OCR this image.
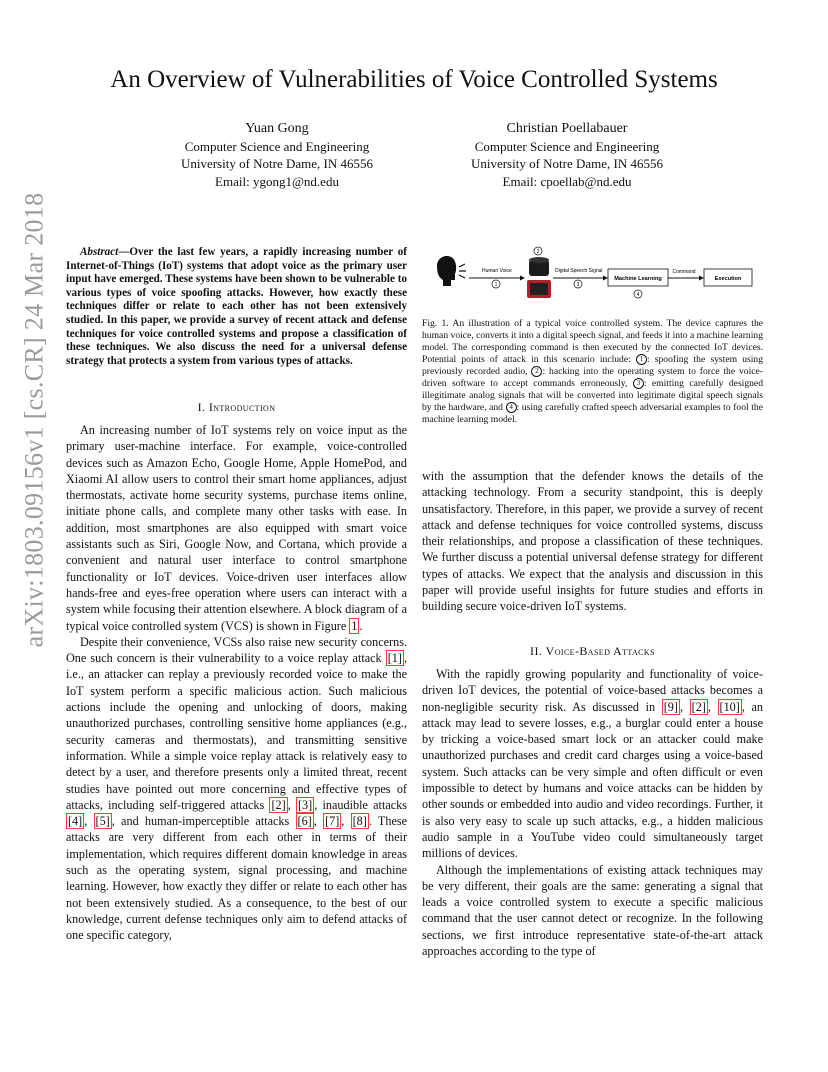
arXiv:1803.09156v1 [cs.CR] 24 Mar 2018
An Overview of Vulnerabilities of Voice Controlled Systems
Yuan Gong
Computer Science and Engineering
University of Notre Dame, IN 46556
Email: ygong1@nd.edu
Christian Poellabauer
Computer Science and Engineering
University of Notre Dame, IN 46556
Email: cpoellab@nd.edu

Abstract—Over the last few years, a rapidly increasing number of Internet-of-Things (IoT) systems that adopt voice as the primary user input have emerged. These systems have been shown to be vulnerable to various types of voice spoofing attacks. However, how exactly these techniques differ or relate to each other has not been extensively studied. In this paper, we provide a survey of recent attack and defense techniques for voice controlled systems and propose a classification of these techniques. We also discuss the need for a universal defense strategy that protects a system from various types of attacks.

I. Introduction

An increasing number of IoT systems rely on voice input as the primary user-machine interface. For example, voice-controlled devices such as Amazon Echo, Google Home, Apple HomePod, and Xiaomi AI allow users to control their smart home appliances, adjust thermostats, activate home security systems, purchase items online, initiate phone calls, and complete many other tasks with ease. In addition, most smartphones are also equipped with smart voice assistants such as Siri, Google Now, and Cortana, which provide a convenient and natural user interface to control smartphone functionality or IoT devices. Voice-driven user interfaces allow hands-free and eyes-free operation where users can interact with a system while focusing their attention elsewhere. A block diagram of a typical voice controlled system (VCS) is shown in Figure 1 .

Despite their convenience, VCSs also raise new security concerns. One such concern is their vulnerability to a voice replay attack [1] , i.e., an attacker can replay a previously recorded voice to make the IoT system perform a specific malicious action. Such malicious actions include the opening and unlocking of doors, making unauthorized purchases, controlling sensitive home appliances (e.g., security cameras and thermostats), and transmitting sensitive information. While a simple voice replay attack is relatively easy to detect by a user, and therefore presents only a limited threat, recent studies have pointed out more concerning and effective types of attacks, including self-triggered attacks [2] , [3] , inaudible attacks [4] , [5] , and human-imperceptible attacks [6] , [7] , [8] . These attacks are very different from each other in terms of their implementation, which requires different domain knowledge in areas such as the operating system, signal processing, and machine learning. However, how exactly they differ or relate to each other has not been extensively studied. As a consequence, to the best of our knowledge, current defense techniques only aim to defend attacks of one specific category,

Human Voice
1
2
Digital Speech Signal
3
Machine Learning
4
Command
Execution

Fig. 1. An illustration of a typical voice controlled system. The device captures the human voice, converts it into a digital speech signal, and feeds it into a machine learning model. The corresponding command is then executed by the connected IoT devices. Potential points of attack in this scenario include: 1 : spoofing the system using previously recorded audio, 2 : hacking into the operating system to force the voice-driven software to accept commands erroneously, 3 : emitting carefully designed illegitimate analog signals that will be converted into legitimate digital speech signals by the hardware, and 4 : using carefully crafted speech adversarial examples to fool the machine learning model.

with the assumption that the defender knows the details of the attacking technology. From a security standpoint, this is deeply unsatisfactory. Therefore, in this paper, we provide a survey of recent attack and defense techniques for voice controlled systems, discuss their relationships, and propose a classification of these techniques. We further discuss a potential universal defense strategy for different types of attacks. We expect that the analysis and discussion in this paper will provide useful insights for future studies and efforts in building secure voice-driven IoT systems.

II. Voice-Based Attacks

With the rapidly growing popularity and functionality of voice-driven IoT devices, the potential of voice-based attacks becomes a non-negligible security risk. As discussed in [9] , [2] , [10] , an attack may lead to severe losses, e.g., a burglar could enter a house by tricking a voice-based smart lock or an attacker could make unauthorized purchases and credit card charges using a voice-based system. Such attacks can be very simple and often difficult or even impossible to detect by humans and voice attacks can be hidden by other sounds or embedded into audio and video recordings. Further, it is also very easy to scale up such attacks, e.g., a hidden malicious audio sample in a YouTube video could simultaneously target millions of devices.

Although the implementations of existing attack techniques may be very different, their goals are the same: generating a signal that leads a voice controlled system to execute a specific malicious command that the user cannot detect or recognize. In the following sections, we first introduce representative state-of-the-art attack approaches according to the type of
